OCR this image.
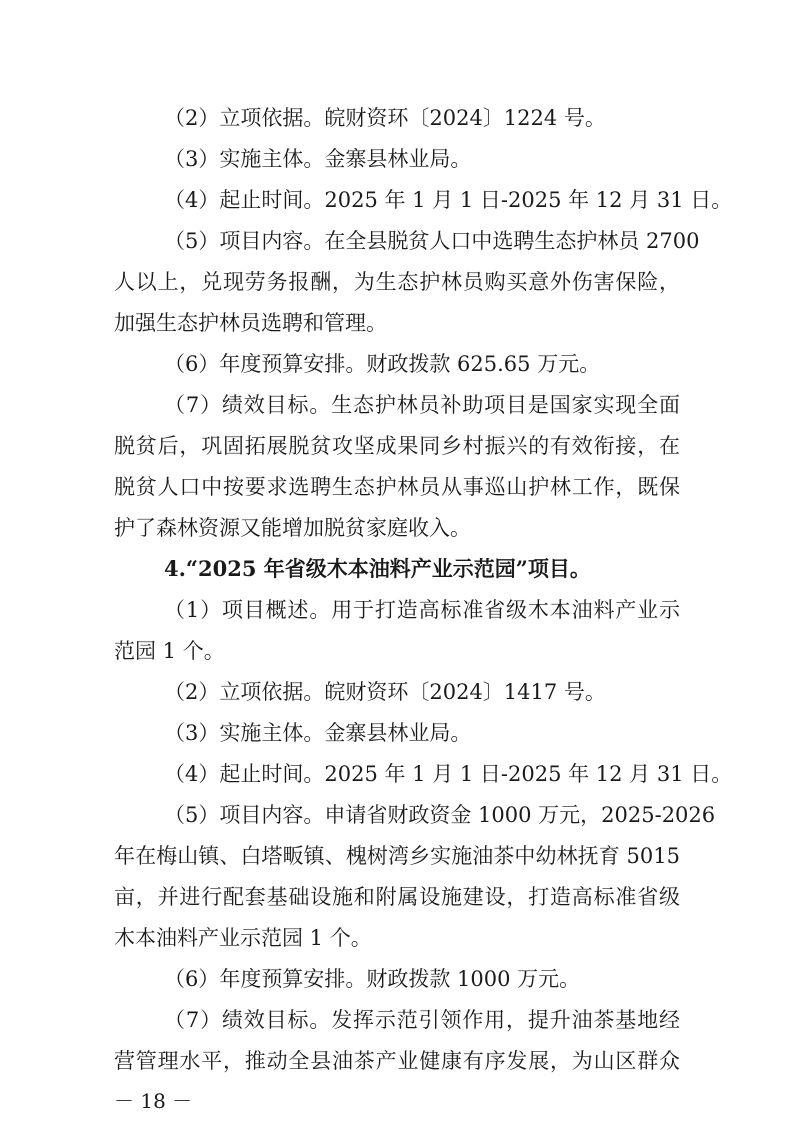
（2）立项依据。皖财资环〔2024〕1224 号。
（3）实施主体。金寨县林业局。
（4）起止时间。2025 年 1 月 1 日-2025 年 12 月 31 日。
（5）项目内容。在全县脱贫人口中选聘生态护林员 2700
人以上，兑现劳务报酬，为生态护林员购买意外伤害保险，
加强生态护林员选聘和管理。
（6）年度预算安排。财政拨款 625.65 万元。
（7）绩效目标。生态护林员补助项目是国家实现全面
脱贫后，巩固拓展脱贫攻坚成果同乡村振兴的有效衔接，在
脱贫人口中按要求选聘生态护林员从事巡山护林工作，既保
护了森林资源又能增加脱贫家庭收入。
4.“2025 年省级木本油料产业示范园”项目。
（1）项目概述。用于打造高标准省级木本油料产业示
范园 1 个。
（2）立项依据。皖财资环〔2024〕1417 号。
（3）实施主体。金寨县林业局。
（4）起止时间。2025 年 1 月 1 日-2025 年 12 月 31 日。
（5）项目内容。申请省财政资金 1000 万元，2025-2026
年在梅山镇、白塔畈镇、槐树湾乡实施油茶中幼林抚育 5015
亩，并进行配套基础设施和附属设施建设，打造高标准省级
木本油料产业示范园 1 个。
（6）年度预算安排。财政拨款 1000 万元。
（7）绩效目标。发挥示范引领作用，提升油茶基地经
营管理水平，推动全县油茶产业健康有序发展，为山区群众
－ 18 －
